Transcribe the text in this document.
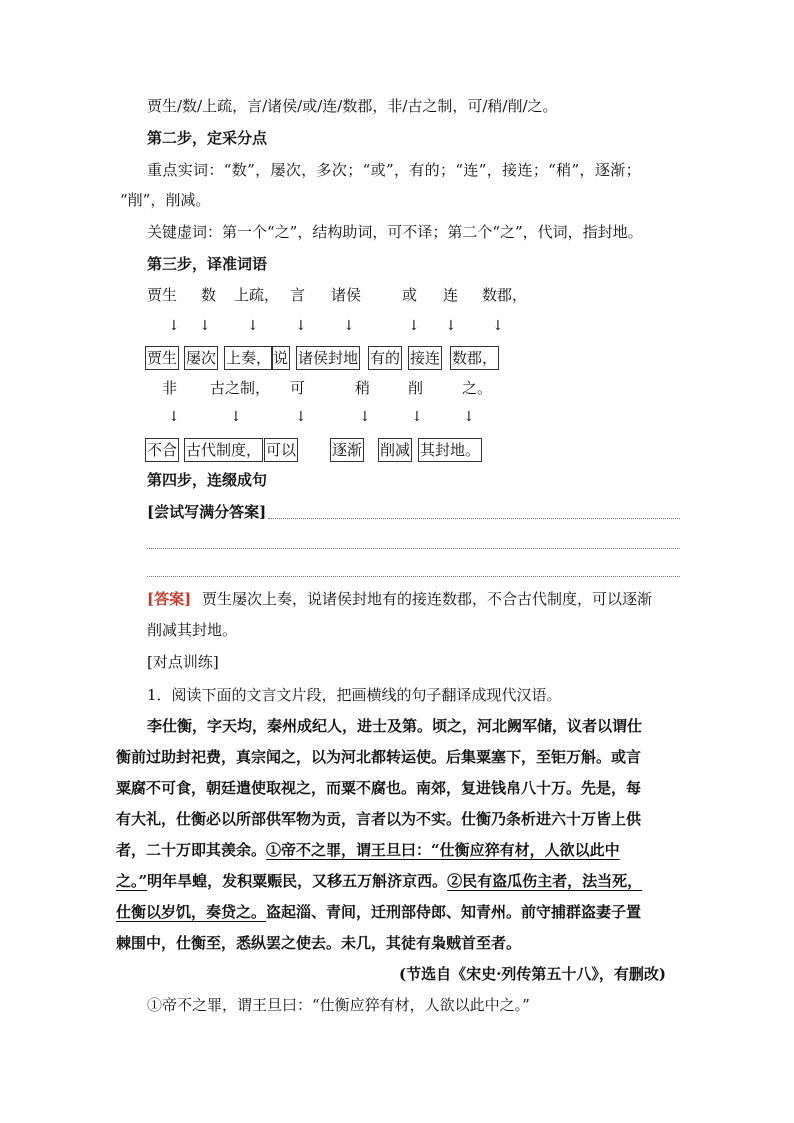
贾生/数/上疏，言/诸侯/或/连/数郡，非/古之制，可/稍/削/之。
第二步，定采分点
重点实词：“数”，屡次，多次；“或”，有的；“连”，接连；“稍”，逐渐；
“削”，削减。
关键虚词：第一个“之”，结构助词，可不译；第二个“之”，代词，指封地。
第三步，译准词语
贾生 数 上疏， 言 诸侯	或 连 数郡，
↓ ↓	↓	↓	↓	↓ ↓	↓
贾生 屡次 上奏， 说 诸侯封地 有的 接连 数郡，
非 古之制， 可	稍	削	之。
↓	↓	↓	↓	↓	↓
不合 古代制度， 可以 逐渐 削减 其封地。
第四步，连缀成句
[尝试写满分答案]
[答案] 贾生屡次上奏，说诸侯封地有的接连数郡，不合古代制度，可以逐渐
削减其封地。
[对点训练]
1．阅读下面的文言文片段，把画横线的句子翻译成现代汉语。
李仕衡，字天均，秦州成纪人，进士及第。顷之，河北阙军储，议者以谓仕
衡前过助封祀费，真宗闻之，以为河北都转运使。后集粟塞下，至钜万斛。或言
粟腐不可食，朝廷遣使取视之，而粟不腐也。南郊，复进钱帛八十万。先是，每
有大礼，仕衡必以所部供军物为贡，言者以为不实。仕衡乃条析进六十万皆上供
者，二十万即其羡余。①帝不之罪，谓王旦曰：“仕衡应猝有材，人欲以此中
之。”明年旱蝗，发积粟赈民，又移五万斛济京西。②民有盗瓜伤主者，法当死，
仕衡以岁饥，奏贷之。盗起淄、青间，迁刑部侍郎、知青州。前守捕群盗妻子置
棘围中，仕衡至，悉纵罢之使去。未几，其徒有枭贼首至者。
(节选自《宋史·列传第五十八》，有删改)
①帝不之罪，谓王旦曰：“仕衡应猝有材，人欲以此中之。”
